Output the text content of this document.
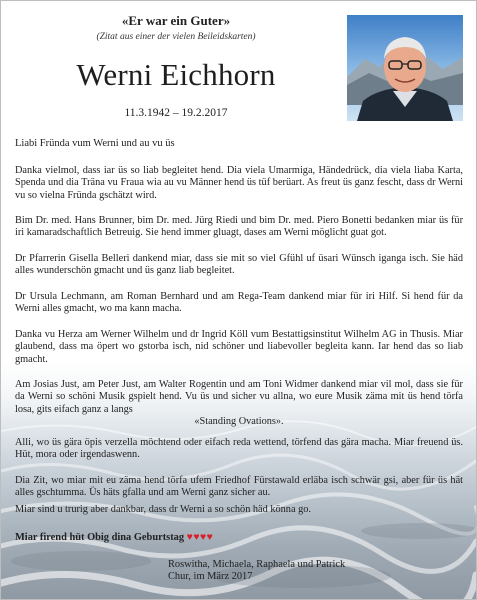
«Er war ein Guter»
(Zitat aus einer der vielen Beileidskarten)
Werni Eichhorn
11.3.1942 – 19.2.2017
Liabi Fründa vum Werni und au vu üs

Danka vielmol, dass iar üs so liab begleitet hend. Dia viela Umarmiga, Händedrück, dia viela liaba Karta, Spenda und dia Träna vu Fraua wia au vu Männer hend üs tüf berüart. As freut üs ganz fescht, dass dr Werni vu so vielna Fründa gschätzt wird.

Bim Dr. med. Hans Brunner, bim Dr. med. Jürg Riedi und bim Dr. med. Piero Bonetti bedanken miar üs für iri kamaradschaftlich Betreuig. Sie hend immer gluagt, dases am Werni möglicht guat got.

Dr Pfarrerin Gisella Belleri dankend miar, dass sie mit so viel Gfühl uf üsari Wünsch iganga isch. Sie häd alles wunderschön gmacht und üs ganz liab begleitet.

Dr Ursula Lechmann, am Roman Bernhard und am Rega-Team dankend miar für iri Hilf. Si hend für da Werni alles gmacht, wo ma kann macha.

Danka vu Herza am Werner Wilhelm und dr Ingrid Köll vum Bestattigsinstitut Wilhelm AG in Thusis. Miar glaubend, dass ma öpert wo gstorba isch, nid schöner und liabevoller begleita kann. Iar hend das so liab gmacht.

Am Josias Just, am Peter Just, am Walter Rogentin und am Toni Widmer dankend miar vil mol, dass sie für da Werni so schöni Musik gspielt hend. Vu üs und sicher vu allna, wo eure Musik zäma mit üs hend törfa losa, gits eifach ganz a langs
«Standing Ovations».

Alli, wo üs gära öpis verzella möchtend oder eifach reda wettend, törfend das gära macha. Miar freuend üs. Hüt, mora oder irgendaswenn.

Dia Zit, wo miar mit eu zäma hend törfa ufem Friedhof Fürstawald erläba isch schwär gsi, aber für üs hät alles gschtumma. Üs häts gfalla und am Werni ganz sicher au.

Miar sind u trurig aber dankbar, dass dr Werni a so schön häd könna go.

Miar firend hüt Obig dina Geburtstag ♥♥♥♥
Roswitha, Michaela, Raphaela und Patrick
Chur, im März 2017
